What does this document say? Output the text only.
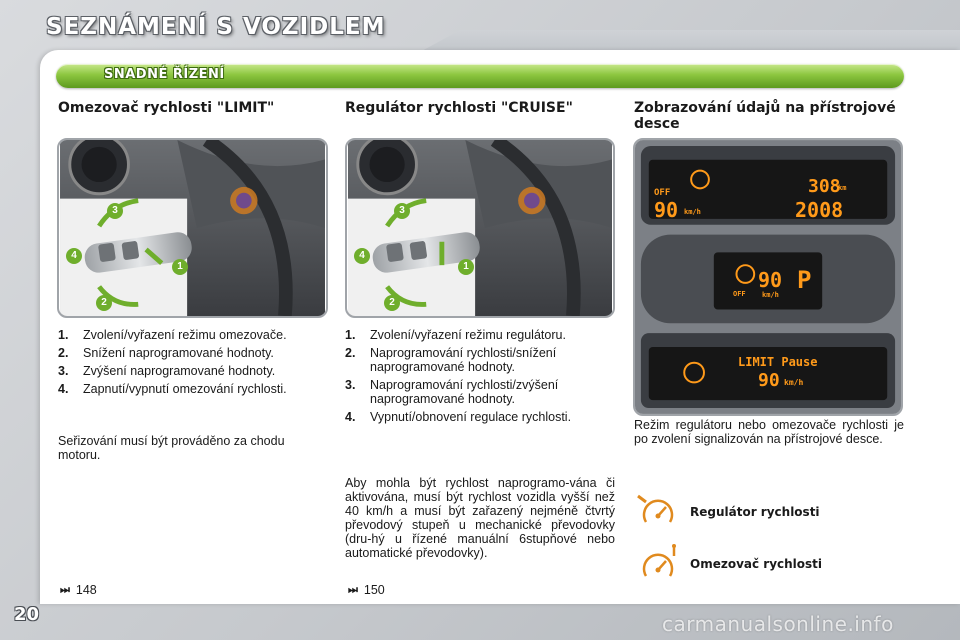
SEZNÁMENÍ S VOZIDLEM
SNADNÉ ŘÍZENÍ
Omezovač rychlosti "LIMIT"	Regulátor rychlosti "CRUISE"	Zobrazování údajů na přístrojové desce
3
4
1
2
3
4
1
2
OFF
90 km/h
308
km
2008
OFF
90
km/h
P
LIMIT Pause
90 km/h
1.	Zvolení/vyřazení režimu omezovače.
2.	Snížení naprogramované hodnoty.
3.	Zvýšení naprogramované hodnoty.
4.	Zapnutí/vypnutí omezování rychlosti.
1.	Zvolení/vyřazení režimu regulátoru.
2.	Naprogramování rychlosti/snížení naprogramované hodnoty.
3.	Naprogramování rychlosti/zvýšení naprogramované hodnoty.
4.	Vypnutí/obnovení regulace rychlosti.

Seřizování musí být prováděno za chodu motoru.

Aby mohla být rychlost naprogramo-vána či aktivována, musí být rychlost vozidla vyšší než 40 km/h a musí být zařazený nejméně čtvrtý převodový stupeň u mechanické převodovky (dru-hý u řízené manuální 6stupňové nebo automatické převodovky).

Režim regulátoru nebo omezovače rychlosti je po zvolení signalizován na přístrojové desce.

⏭ 148	⏭ 150
Regulátor rychlosti
Omezovač rychlosti
20	carmanualsonline.info
